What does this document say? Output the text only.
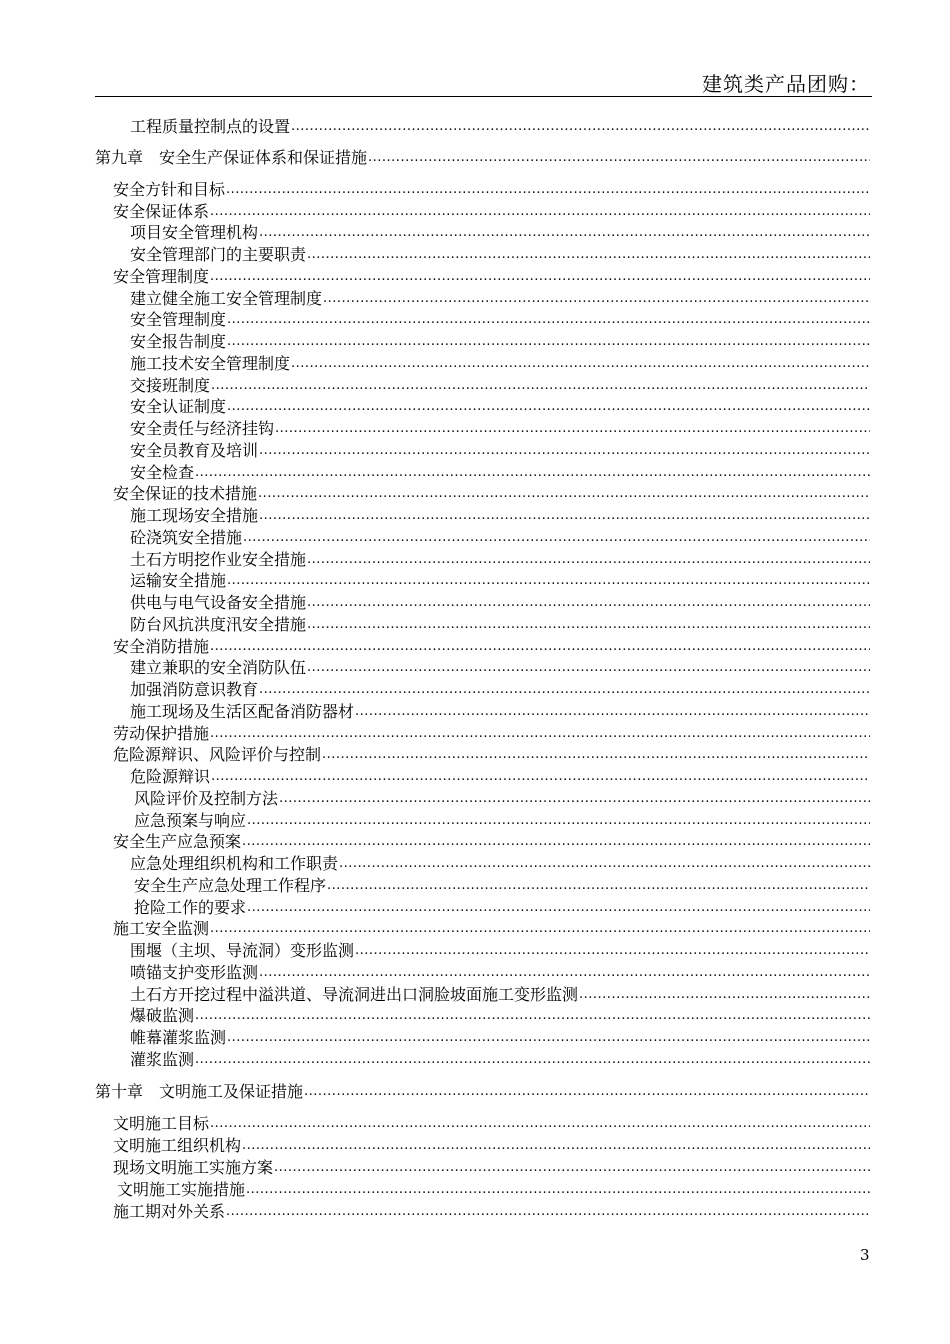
建筑类产品团购：
工程质量控制点的设置
.....
第九章　安全生产保证体系和保证措施
.....
安全方针和目标
.....
安全保证体系
.....
项目安全管理机构
.....
安全管理部门的主要职责
.....
安全管理制度
.....
建立健全施工安全管理制度
.....
安全管理制度
.....
安全报告制度
.....
施工技术安全管理制度
.....
交接班制度
.....
安全认证制度
.....
安全责任与经济挂钩
.....
安全员教育及培训
.....
安全检查
.....
安全保证的技术措施
.....
施工现场安全措施
.....
砼浇筑安全措施
.....
土石方明挖作业安全措施
.....
运输安全措施
.....
供电与电气设备安全措施
.....
防台风抗洪度汛安全措施
.....
安全消防措施
.....
建立兼职的安全消防队伍
.....
加强消防意识教育
.....
施工现场及生活区配备消防器材
.....
劳动保护措施
.....
危险源辩识、风险评价与控制
.....
危险源辩识
.....
风险评价及控制方法
.....
应急预案与响应
.....
安全生产应急预案
.....
应急处理组织机构和工作职责
.....
安全生产应急处理工作程序
.....
抢险工作的要求
.....
施工安全监测
.....
围堰（主坝、导流洞）变形监测
.....
喷锚支护变形监测
.....
土石方开挖过程中溢洪道、导流洞进出口洞脸坡面施工变形监测
.....
爆破监测
.....
帷幕灌浆监测
.....
灌浆监测
.....
第十章　文明施工及保证措施
.....
文明施工目标
.....
文明施工组织机构
.....
现场文明施工实施方案
.....
文明施工实施措施
.....
施工期对外关系
.....
3
